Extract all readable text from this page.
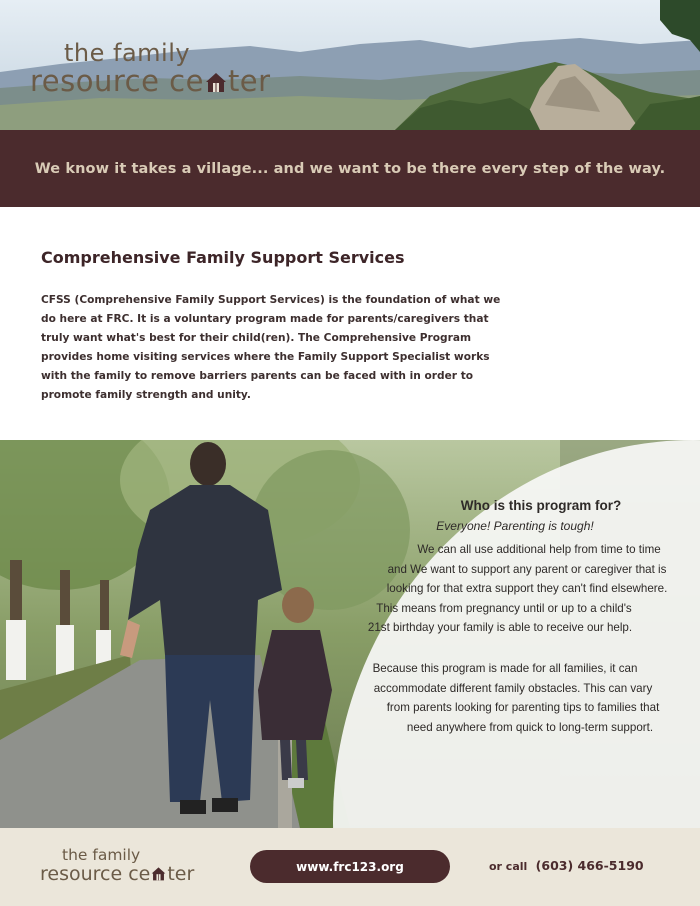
the family
resource ce ter
We know it takes a village... and we want to be there every step of the way.
Comprehensive Family Support Services

CFSS (Comprehensive Family Support Services) is the foundation of what we do here at FRC. It is a voluntary program made for parents/caregivers that truly want what's best for their child(ren). The Comprehensive Program provides home visiting services where the Family Support Specialist works with the family to remove barriers parents can be faced with in order to promote family strength and unity.

Who is this program for?
Everyone! Parenting is tough!
We can all use additional help from time to time
and We want to support any parent or caregiver that is
looking for that extra support they can't find elsewhere.
This means from pregnancy until or up to a child's
21st birthday your family is able to receive our help.
Because this program is made for all families, it can
accommodate different family obstacles. This can vary
from parents looking for parenting tips to families that
need anywhere from quick to long-term support.
the family
resource ce ter	www.frc123.org	or call (603) 466-5190
